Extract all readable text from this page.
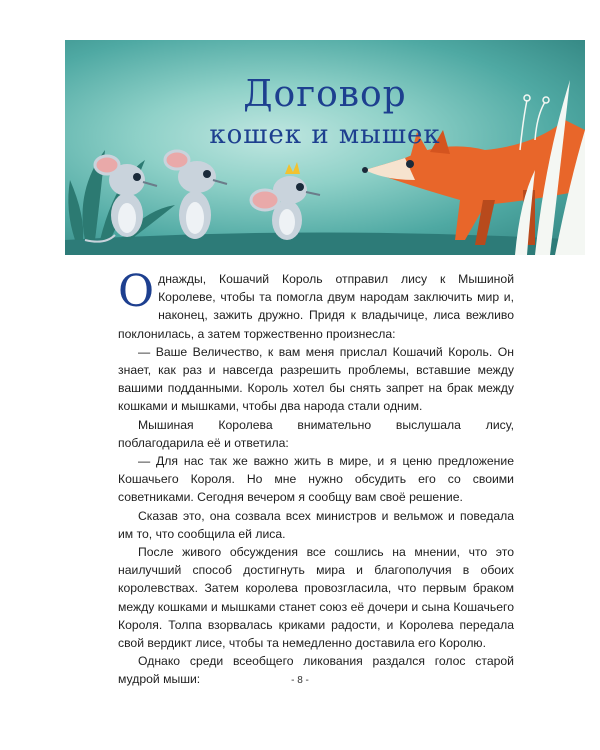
Договор
кошек и мышек

Однажды, Кошачий Король отправил лису к Мышиной Королеве, чтобы та помогла двум народам заключить мир и, наконец, зажить дружно. Придя к владычице, лиса вежливо поклонилась, а затем торжественно произнесла:

— Ваше Величество, к вам меня прислал Кошачий Король. Он знает, как раз и навсегда разрешить проблемы, вставшие между вашими подданными. Король хотел бы снять запрет на брак между кошками и мышками, чтобы два народа стали одним.

Мышиная Королева внимательно выслушала лису, поблагодарила её и ответила:

— Для нас так же важно жить в мире, и я ценю предложение Кошачьего Короля. Но мне нужно обсудить его со своими советниками. Сегодня вечером я сообщу вам своё решение.

Сказав это, она созвала всех министров и вельмож и поведала им то, что сообщила ей лиса.

После живого обсуждения все сошлись на мнении, что это наилучший способ достигнуть мира и благополучия в обоих королевствах. Затем королева провозгласила, что первым браком между кошками и мышками станет союз её дочери и сына Кошачьего Короля. Толпа взорвалась криками радости, и Королева передала свой вердикт лисе, чтобы та немедленно доставила его Королю.

Однако среди всеобщего ликования раздался голос старой мудрой мыши:	- 8 -
